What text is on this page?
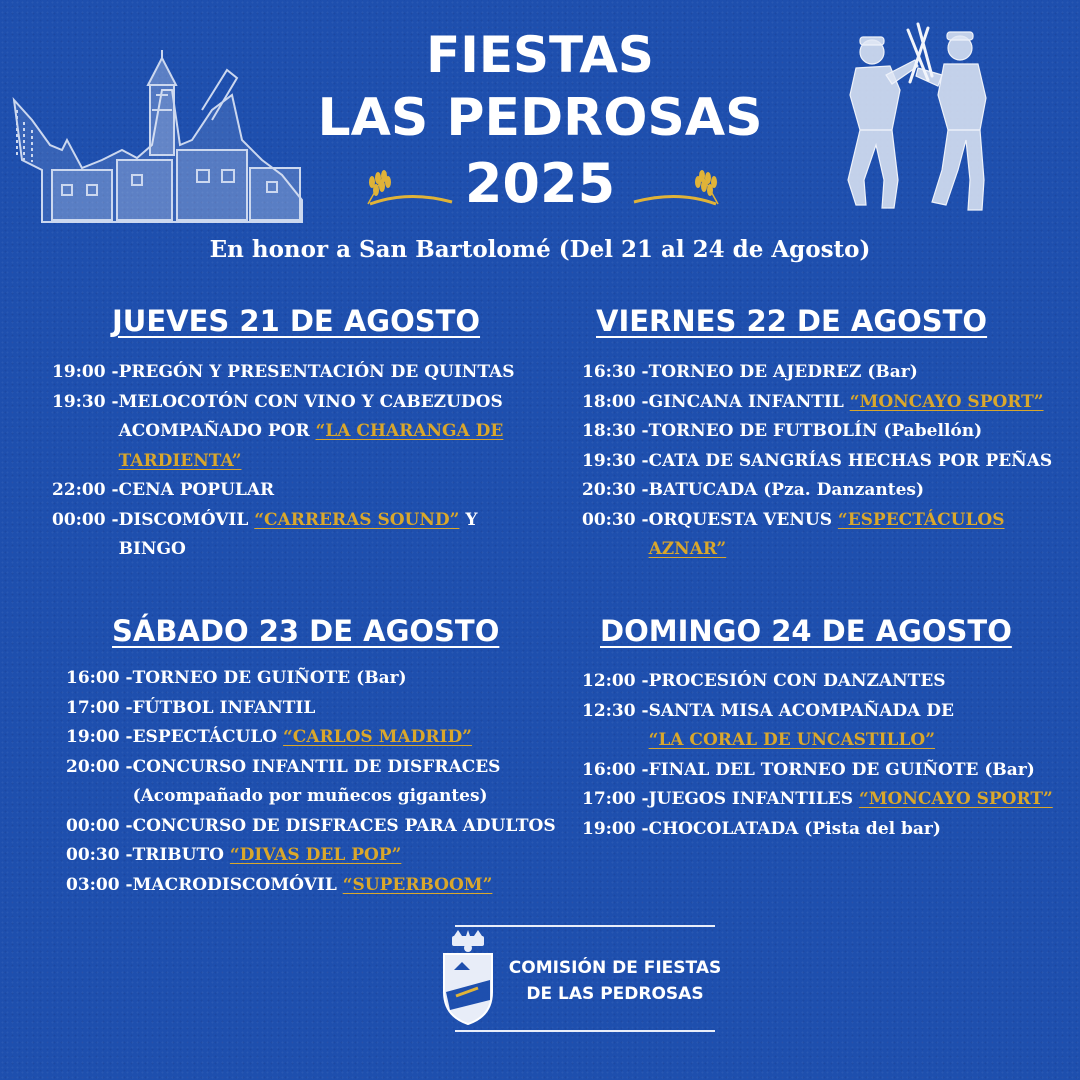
FIESTAS
LAS PEDROSAS
2025
En honor a San Bartolomé (Del 21 al 24 de Agosto)
JUEVES 21 DE AGOSTO
19:00 - PREGÓN Y PRESENTACIÓN DE QUINTAS
19:30 - MELOCOTÓN CON VINO Y CABEZUDOS ACOMPAÑADO POR “LA CHARANGA DE TARDIENTA”
22:00 - CENA POPULAR
00:00 - DISCOMÓVIL “CARRERAS SOUND” Y BINGO
VIERNES 22 DE AGOSTO
16:30 - TORNEO DE AJEDREZ (Bar)
18:00 - GINCANA INFANTIL “MONCAYO SPORT”
18:30 - TORNEO DE FUTBOLÍN (Pabellón)
19:30 - CATA DE SANGRÍAS HECHAS POR PEÑAS
20:30 - BATUCADA (Pza. Danzantes)
00:30 - ORQUESTA VENUS “ESPECTÁCULOS AZNAR”
SÁBADO 23 DE AGOSTO
16:00 - TORNEO DE GUIÑOTE (Bar)
17:00 - FÚTBOL INFANTIL
19:00 - ESPECTÁCULO “CARLOS MADRID”
20:00 - CONCURSO INFANTIL DE DISFRACES (Acompañado por muñecos gigantes)
00:00 - CONCURSO DE DISFRACES PARA ADULTOS
00:30 - TRIBUTO “DIVAS DEL POP”
03:00 - MACRODISCOMÓVIL “SUPERBOOM”
DOMINGO 24 DE AGOSTO
12:00 - PROCESIÓN CON DANZANTES
12:30 - SANTA MISA ACOMPAÑADA DE “LA CORAL DE UNCASTILLO”
16:00 - FINAL DEL TORNEO DE GUIÑOTE (Bar)
17:00 - JUEGOS INFANTILES “MONCAYO SPORT”
19:00 - CHOCOLATADA (Pista del bar)
COMISIÓN DE FIESTAS
DE LAS PEDROSAS
